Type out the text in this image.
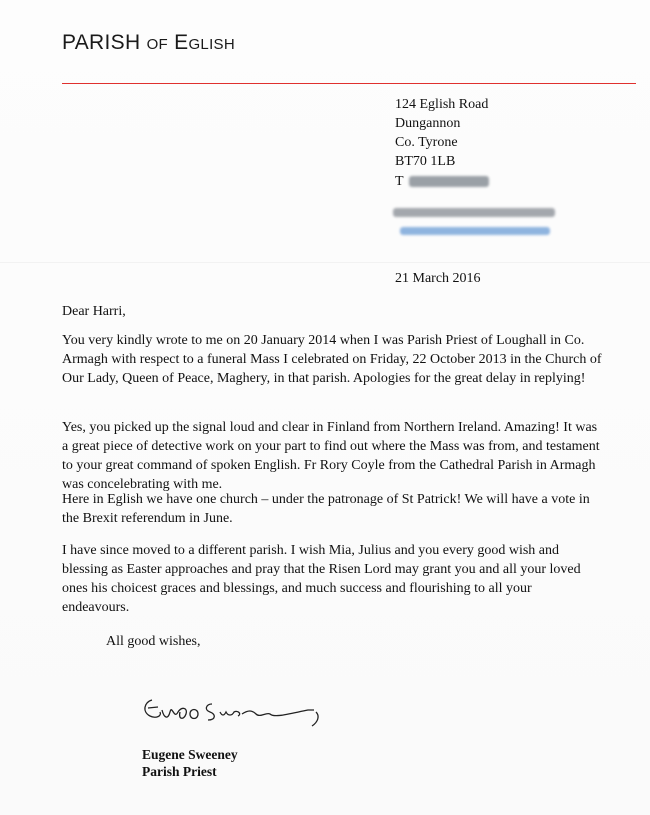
PARISH of Eglish
124 Eglish Road
Dungannon
Co. Tyrone
BT70 1LB
T
21 March 2016
Dear Harri,
You very kindly wrote to me on 20 January 2014 when I was Parish Priest of Loughall in Co. Armagh with respect to a funeral Mass I celebrated on Friday, 22 October 2013 in the Church of Our Lady, Queen of Peace, Maghery, in that parish. Apologies for the great delay in replying!
Yes, you picked up the signal loud and clear in Finland from Northern Ireland. Amazing! It was a great piece of detective work on your part to find out where the Mass was from, and testament to your great command of spoken English. Fr Rory Coyle from the Cathedral Parish in Armagh was concelebrating with me.
Here in Eglish we have one church – under the patronage of St Patrick! We will have a vote in the Brexit referendum in June.
I have since moved to a different parish. I wish Mia, Julius and you every good wish and blessing as Easter approaches and pray that the Risen Lord may grant you and all your loved ones his choicest graces and blessings, and much success and flourishing to all your endeavours.
All good wishes,
Eugene Sweeney
Parish Priest
